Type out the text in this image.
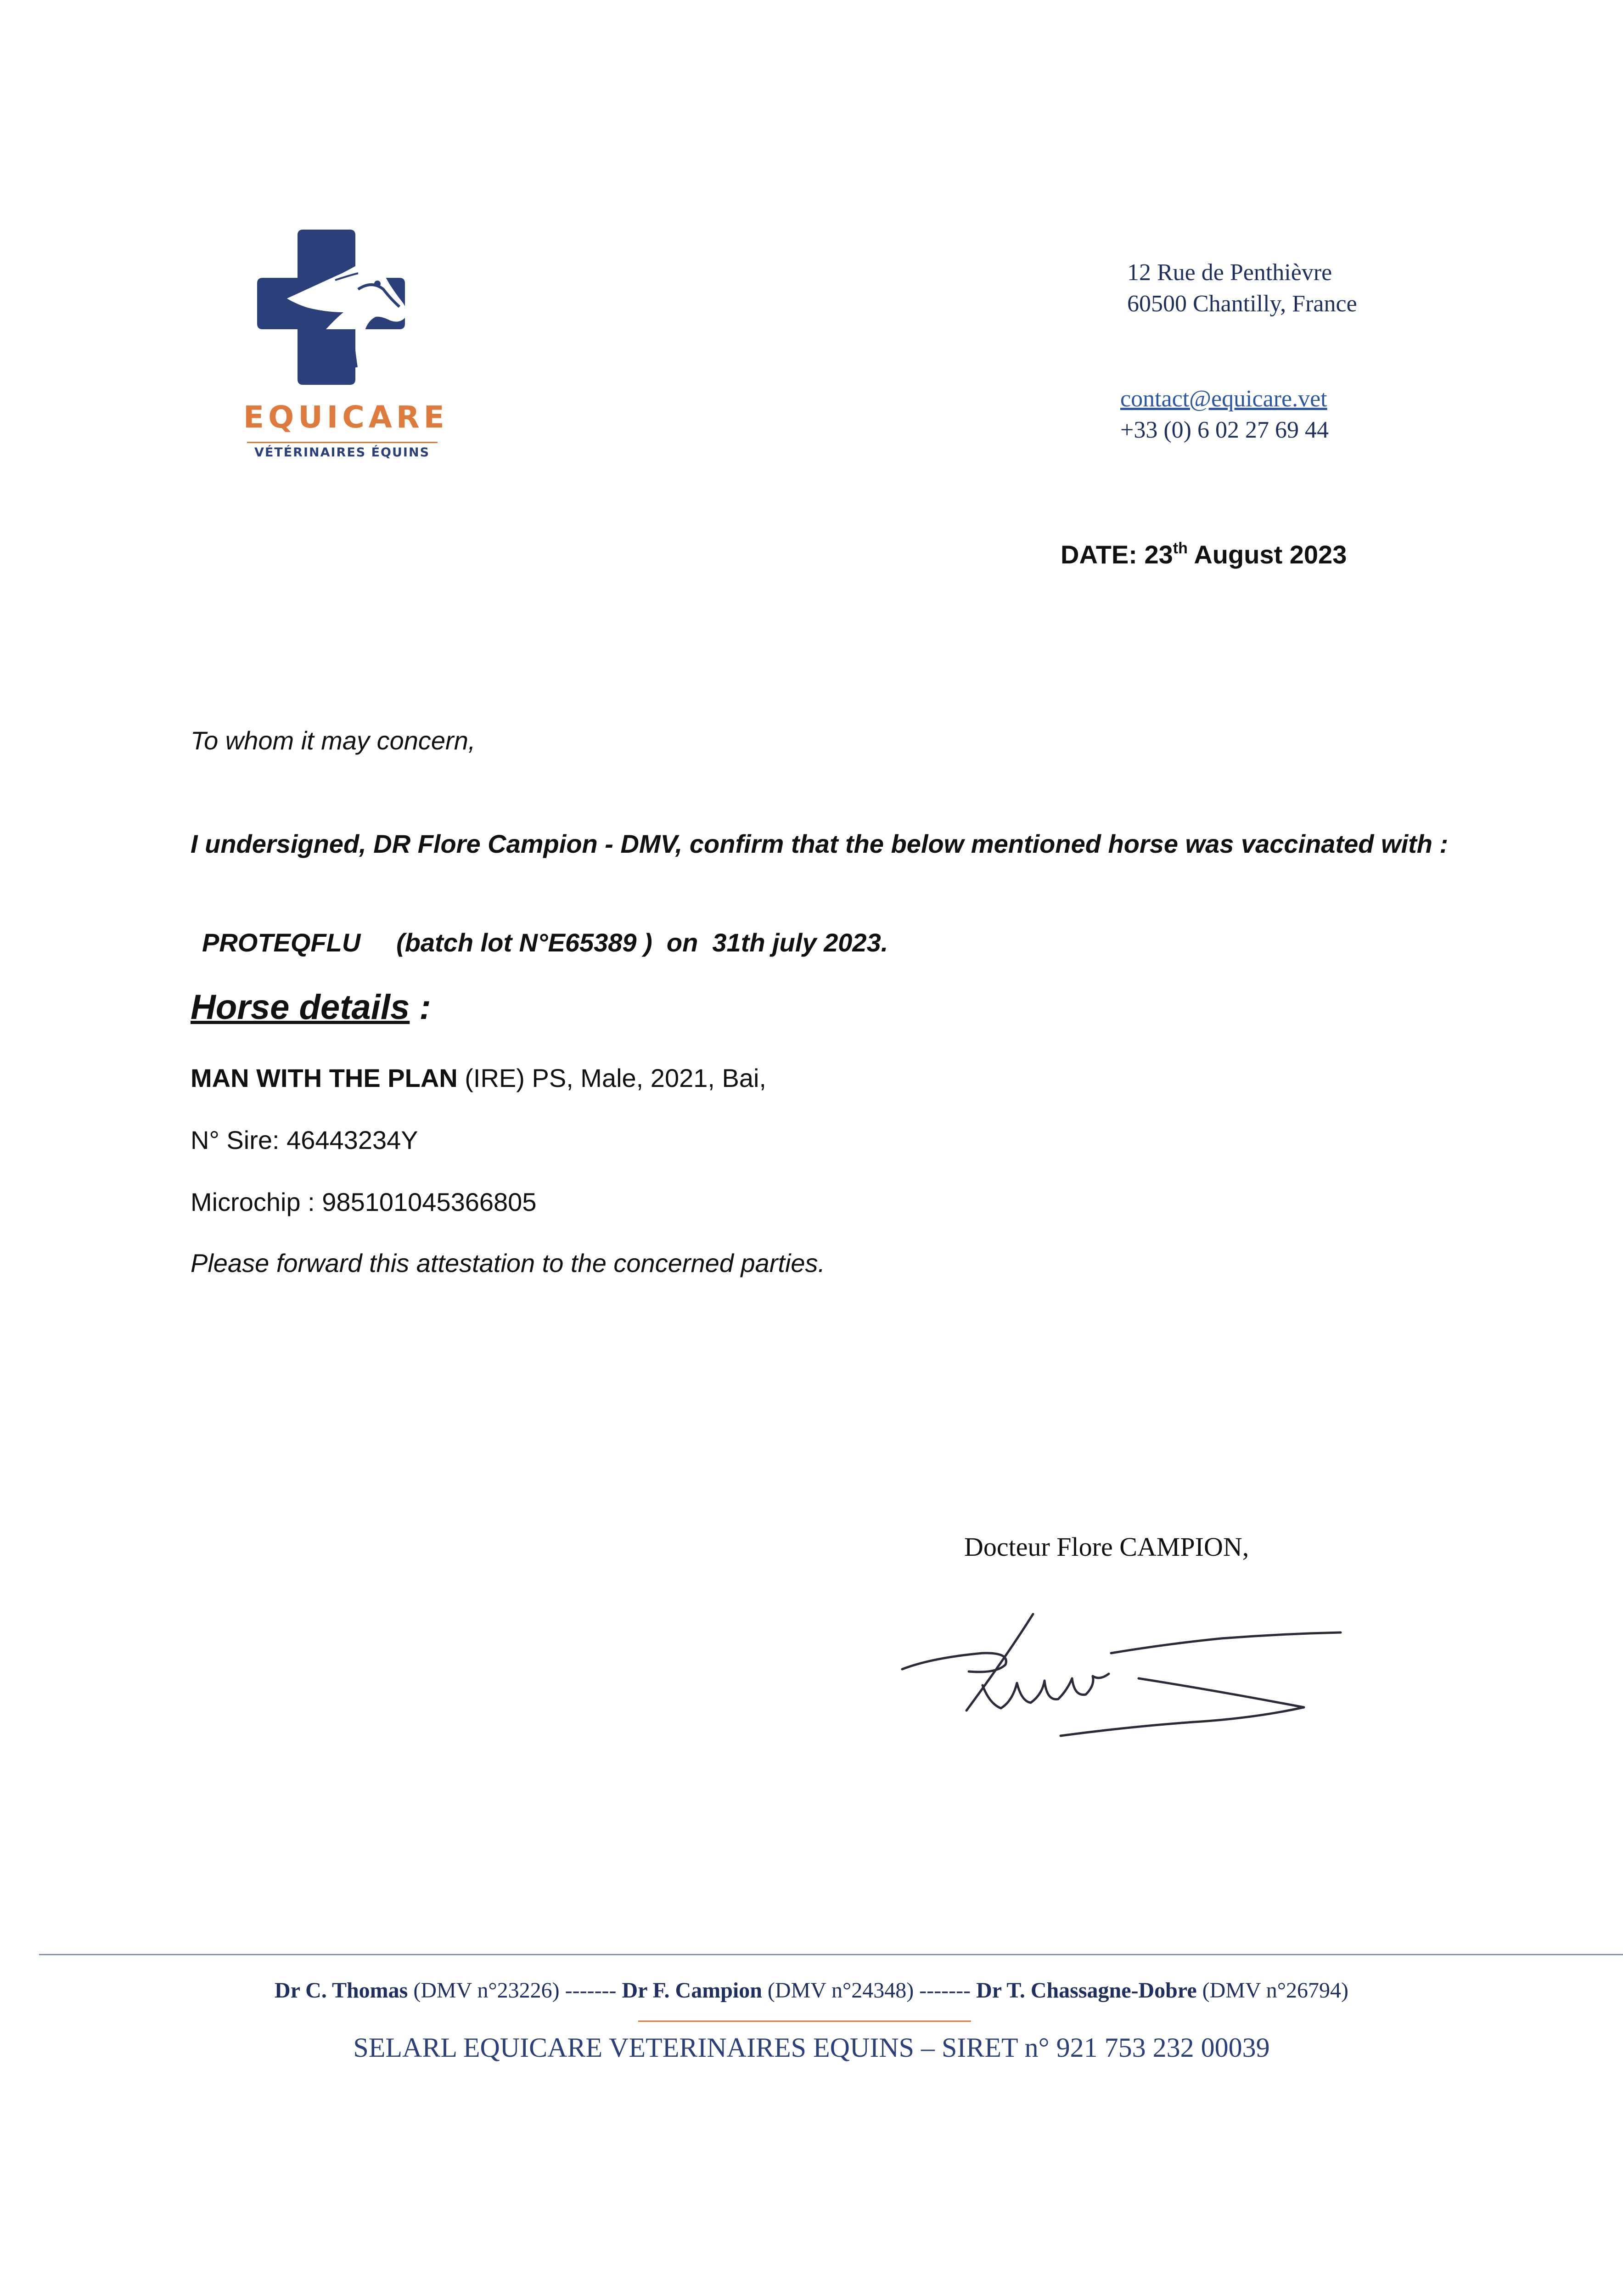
EQUICARE
VÉTÉRINAIRES ÉQUINS
12 Rue de Penthièvre
60500 Chantilly, France
contact@equicare.vet
+33 (0) 6 02 27 69 44
DATE: 23th August 2023
To whom it may concern,
I undersigned, DR Flore Campion - DMV, confirm that the below mentioned horse was vaccinated with :
PROTEQFLU     (batch lot N°E65389 )  on  31th july 2023.
Horse details :
MAN WITH THE PLAN (IRE) PS, Male, 2021, Bai,
N° Sire: 46443234Y
Microchip : 985101045366805
Please forward this attestation to the concerned parties.
Docteur Flore CAMPION,
Dr C. Thomas (DMV n°23226) ------- Dr F. Campion (DMV n°24348) ------- Dr T. Chassagne-Dobre (DMV n°26794)
SELARL EQUICARE VETERINAIRES EQUINS – SIRET n° 921 753 232 00039
